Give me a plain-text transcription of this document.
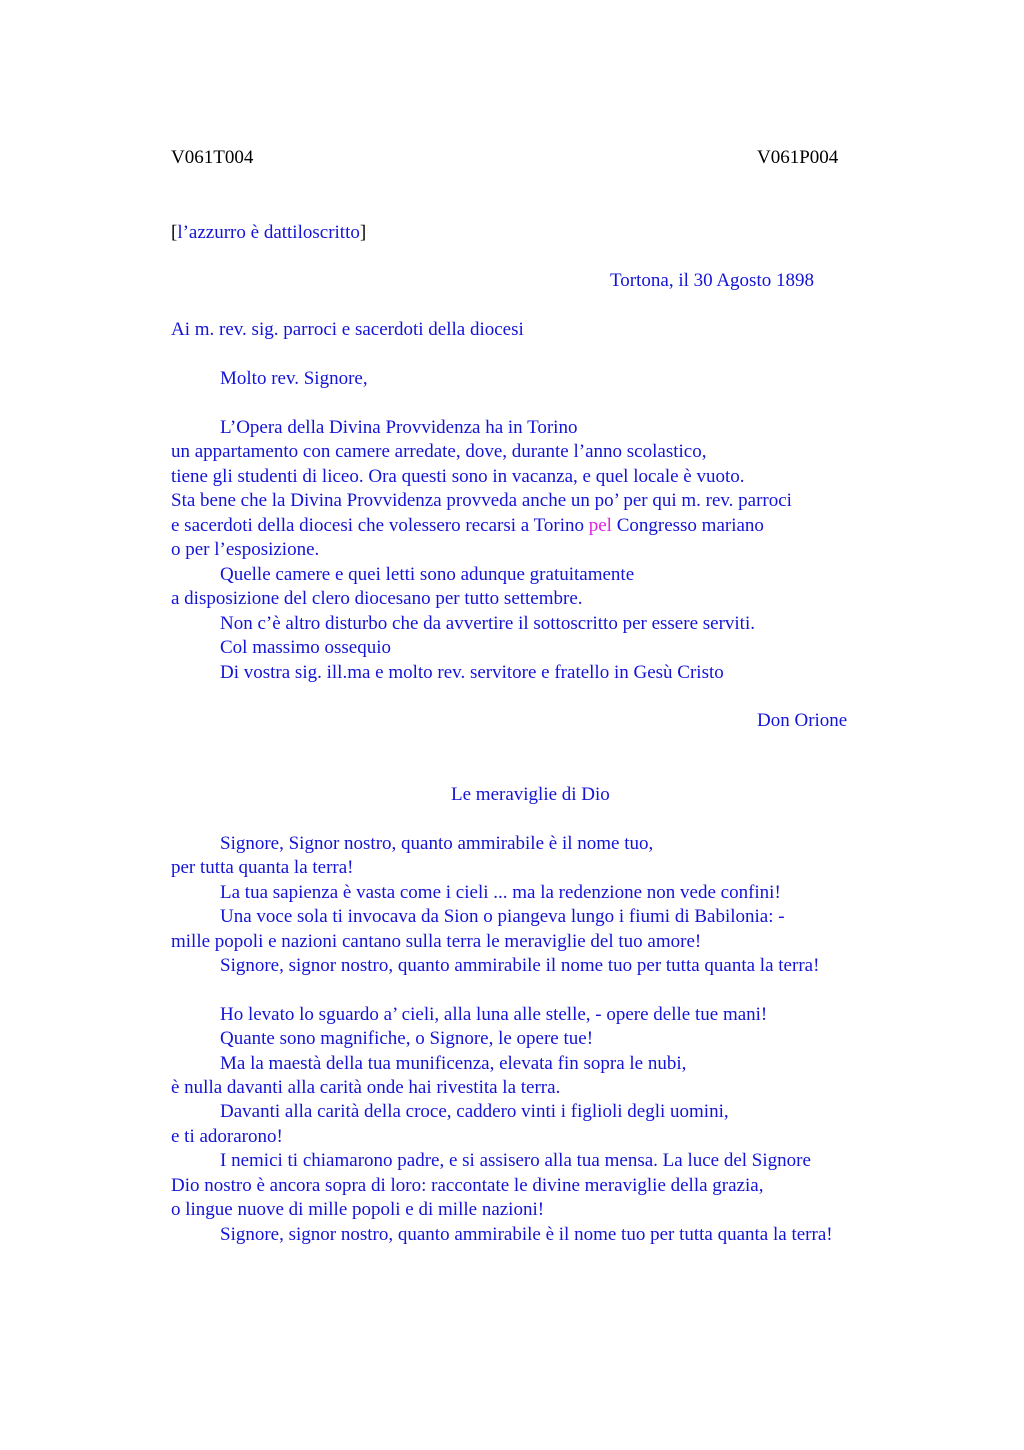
V061T004	V061P004
[l’azzurro è dattiloscritto]
Tortona, il 30 Agosto 1898
Ai m. rev. sig. parroci e sacerdoti della diocesi
Molto rev. Signore,
L’Opera della Divina Provvidenza ha in Torino
un appartamento con camere arredate, dove, durante l’anno scolastico,
tiene gli studenti di liceo. Ora questi sono in vacanza, e quel locale è vuoto.
Sta bene che la Divina Provvidenza provveda anche un po’ per qui m. rev. parroci
e sacerdoti della diocesi che volessero recarsi a Torino pel Congresso mariano
o per l’esposizione.
Quelle camere e quei letti sono adunque gratuitamente
a disposizione del clero diocesano per tutto settembre.
Non c’è altro disturbo che da avvertire il sottoscritto per essere serviti.
Col massimo ossequio
Di vostra sig. ill.ma e molto rev. servitore e fratello in Gesù Cristo
Don Orione
Le meraviglie di Dio
Signore, Signor nostro, quanto ammirabile è il nome tuo,
per tutta quanta la terra!
La tua sapienza è vasta come i cieli ... ma la redenzione non vede confini!
Una voce sola ti invocava da Sion o piangeva lungo i fiumi di Babilonia: -
mille popoli e nazioni cantano sulla terra le meraviglie del tuo amore!
Signore, signor nostro, quanto ammirabile il nome tuo per tutta quanta la terra!
Ho levato lo sguardo a’ cieli, alla luna alle stelle, - opere delle tue mani!
Quante sono magnifiche, o Signore, le opere tue!
Ma la maestà della tua munificenza, elevata fin sopra le nubi,
è nulla davanti alla carità onde hai rivestita la terra.
Davanti alla carità della croce, caddero vinti i figlioli degli uomini,
e ti adorarono!
I nemici ti chiamarono padre, e si assisero alla tua mensa. La luce del Signore
Dio nostro è ancora sopra di loro: raccontate le divine meraviglie della grazia,
o lingue nuove di mille popoli e di mille nazioni!
Signore, signor nostro, quanto ammirabile è il nome tuo per tutta quanta la terra!
